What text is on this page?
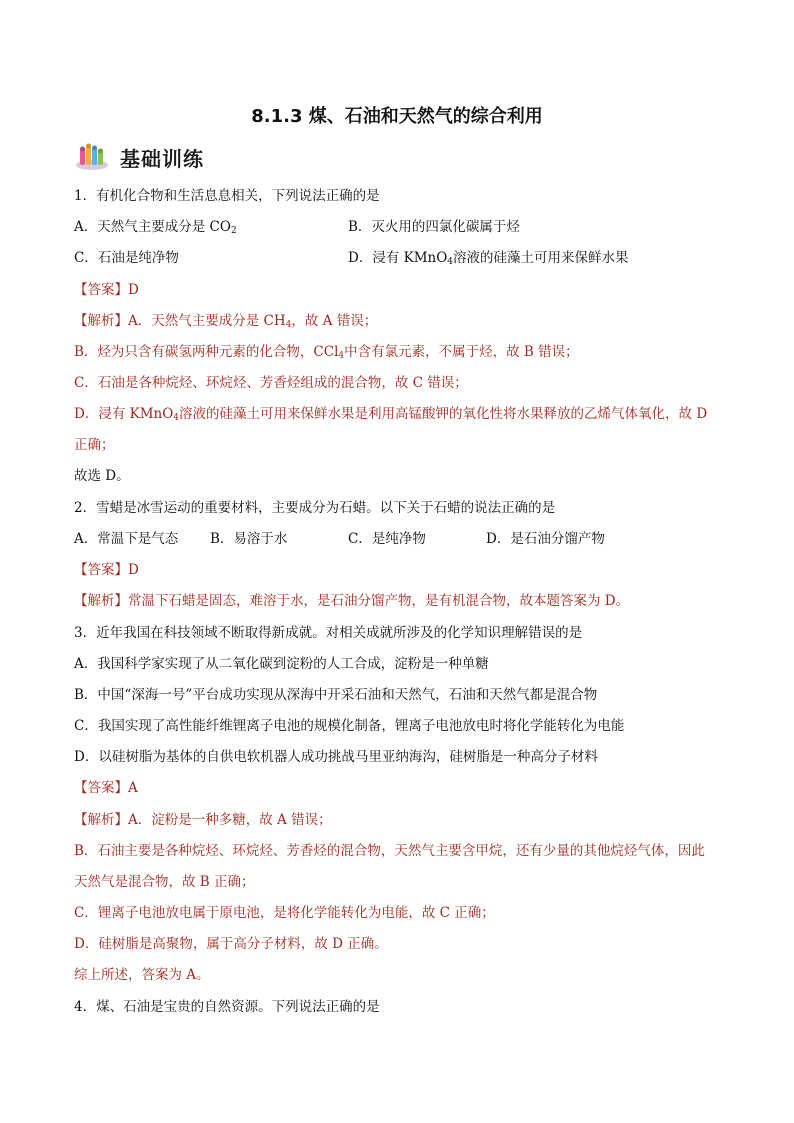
8.1.3 煤、石油和天然气的综合利用
基础训练
1．有机化合物和生活息息相关，下列说法正确的是
A．天然气主要成分是 $CO_2$	B．灭火用的四氯化碳属于烃
C．石油是纯净物	D．浸有 KMnO$_4$溶液的硅藻土可用来保鲜水果
【答案】D
【解析】A．天然气主要成分是 $CH_4$，故 A 错误；
B．烃为只含有碳氢两种元素的化合物，CCl$_4$中含有氯元素，不属于烃，故 B 错误；
C．石油是各种烷烃、环烷烃、芳香烃组成的混合物，故 C 错误；
D．浸有 KMnO$_4$溶液的硅藻土可用来保鲜水果是利用高锰酸钾的氧化性将水果释放的乙烯气体氧化，故 D
正确；
故选 D。
2．雪蜡是冰雪运动的重要材料，主要成分为石蜡。以下关于石蜡的说法正确的是
A．常温下是气态 B．易溶于水	C．是纯净物	D．是石油分馏产物
【答案】D
【解析】常温下石蜡是固态，难溶于水，是石油分馏产物，是有机混合物，故本题答案为 D。
3．近年我国在科技领域不断取得新成就。对相关成就所涉及的化学知识理解错误的是
A．我国科学家实现了从二氧化碳到淀粉的人工合成，淀粉是一种单糖
B．中国“深海一号”平台成功实现从深海中开采石油和天然气，石油和天然气都是混合物
C．我国实现了高性能纤维锂离子电池的规模化制备，锂离子电池放电时将化学能转化为电能
D．以硅树脂为基体的自供电软机器人成功挑战马里亚纳海沟，硅树脂是一种高分子材料
【答案】A
【解析】A．淀粉是一种多糖，故 A 错误；
B．石油主要是各种烷烃、环烷烃、芳香烃的混合物，天然气主要含甲烷，还有少量的其他烷烃气体，因此
天然气是混合物，故 B 正确；
C．锂离子电池放电属于原电池，是将化学能转化为电能，故 C 正确；
D．硅树脂是高聚物，属于高分子材料，故 D 正确。
综上所述，答案为 A。
4．煤、石油是宝贵的自然资源。下列说法正确的是
